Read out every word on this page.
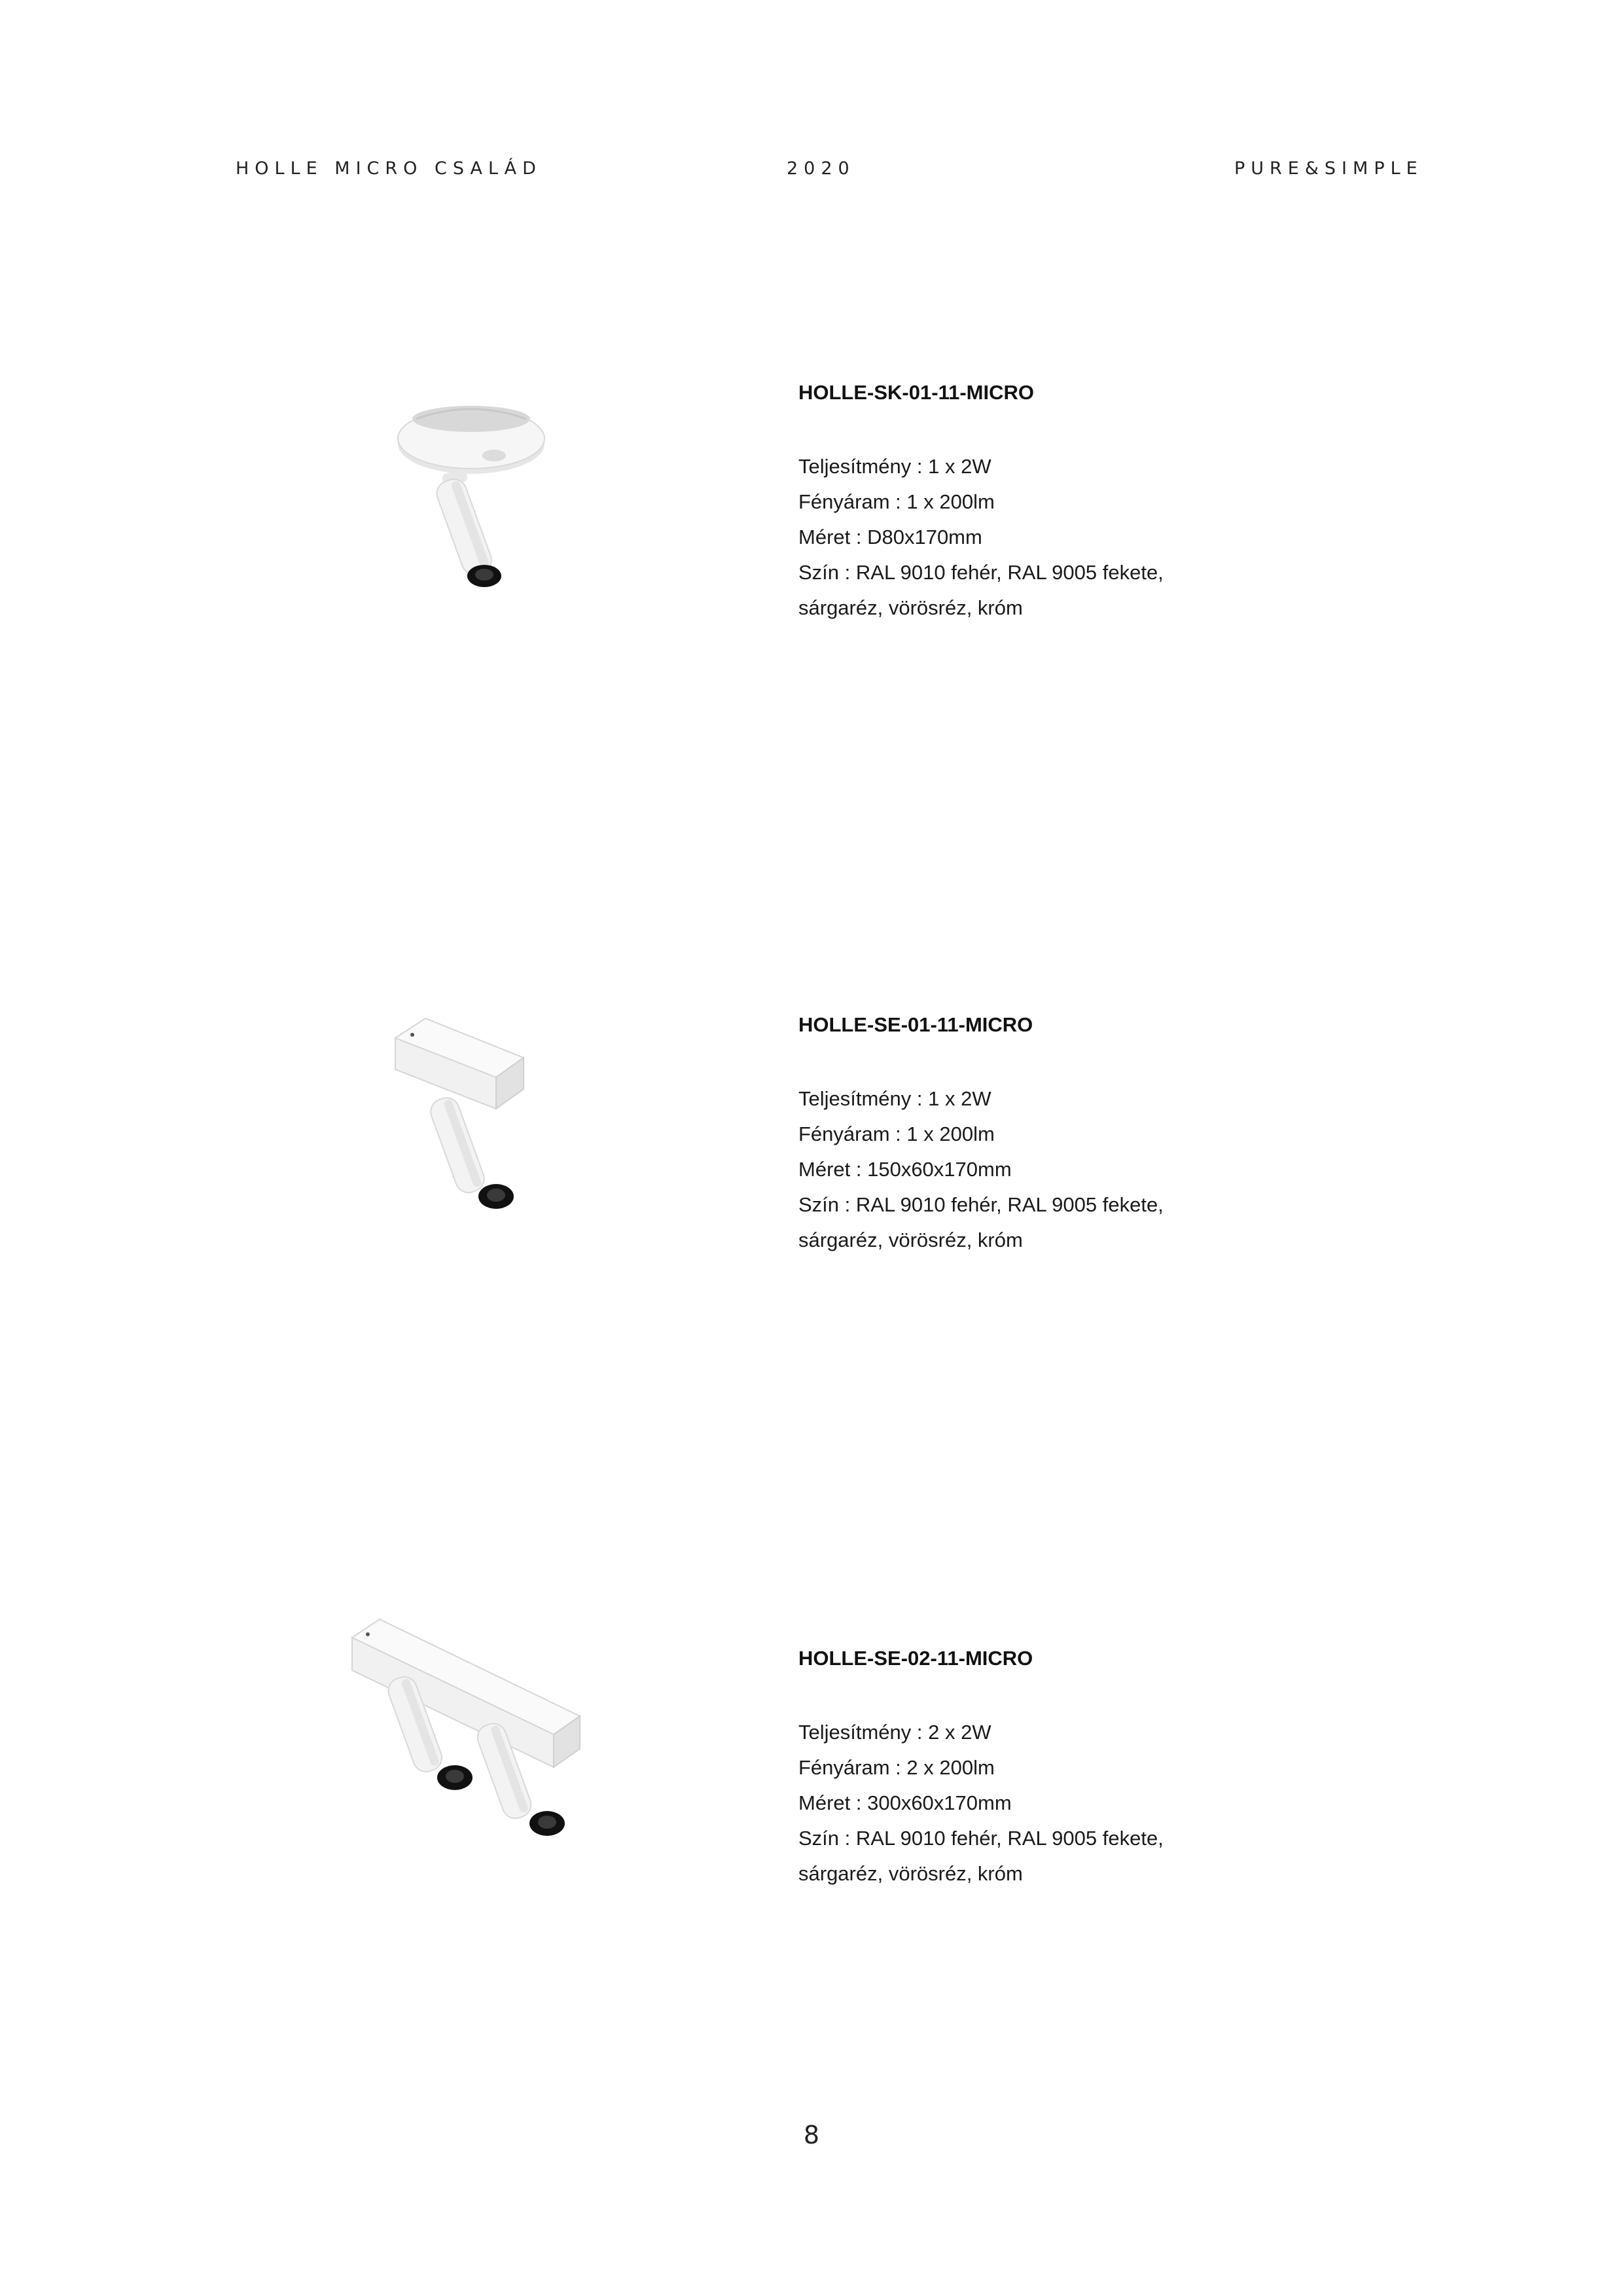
HOLLE MICRO CSALÁD	2020	PURE&SIMPLE
HOLLE-SK-01-11-MICRO
Teljesítmény : 1 x 2W
Fényáram : 1 x 200lm
Méret : D80x170mm
Szín : RAL 9010 fehér, RAL 9005 fekete,
sárgaréz, vörösréz, króm
HOLLE-SE-01-11-MICRO
Teljesítmény : 1 x 2W
Fényáram : 1 x 200lm
Méret : 150x60x170mm
Szín : RAL 9010 fehér, RAL 9005 fekete,
sárgaréz, vörösréz, króm
HOLLE-SE-02-11-MICRO
Teljesítmény : 2 x 2W
Fényáram : 2 x 200lm
Méret : 300x60x170mm
Szín : RAL 9010 fehér, RAL 9005 fekete,
sárgaréz, vörösréz, króm
8
